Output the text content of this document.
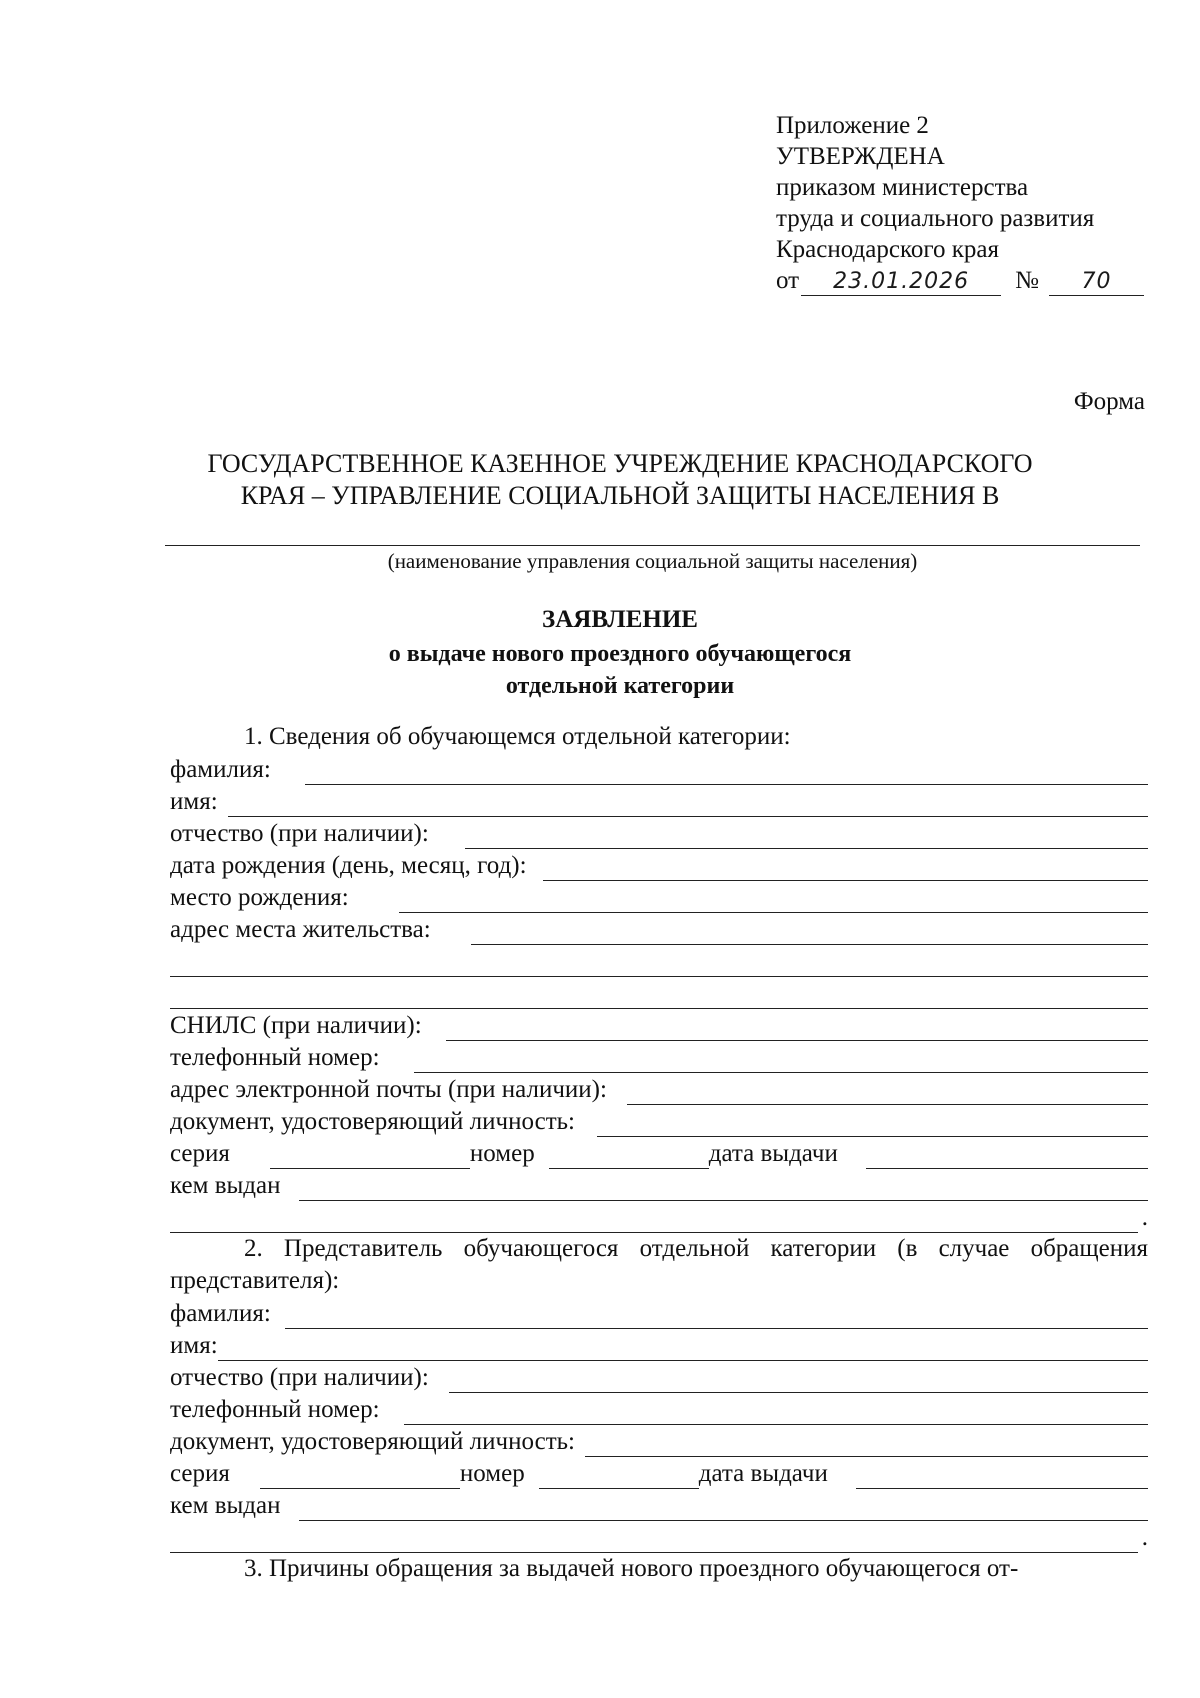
Приложение 2

УТВЕРЖДЕНА

приказом министерства

труда и социального развития

Краснодарского края

от	23.01.2026	№	70
Форма
ГОСУДАРСТВЕННОЕ КАЗЕННОЕ УЧРЕЖДЕНИЕ КРАСНОДАРСКОГО
КРАЯ – УПРАВЛЕНИЕ СОЦИАЛЬНОЙ ЗАЩИТЫ НАСЕЛЕНИЯ В
(наименование управления социальной защиты населения)

ЗАЯВЛЕНИЕ

о выдаче нового проездного обучающегося
отдельной категории

1. Сведения об обучающемся отдельной категории:

фамилия:
имя:
отчество (при наличии):
дата рождения (день, месяц, год):
место рождения:
адрес места жительства:
СНИЛС (при наличии):
телефонный номер:
адрес электронной почты (при наличии):
документ, удостоверяющий личность:
серия	номер	дата выдачи
кем выдан
.

2. Представитель обучающегося отдельной категории (в случае обращения представителя):

фамилия:
имя:
отчество (при наличии):
телефонный номер:
документ, удостоверяющий личность:
серия	номер	дата выдачи
кем выдан
.

3. Причины обращения за выдачей нового проездного обучающегося от-
